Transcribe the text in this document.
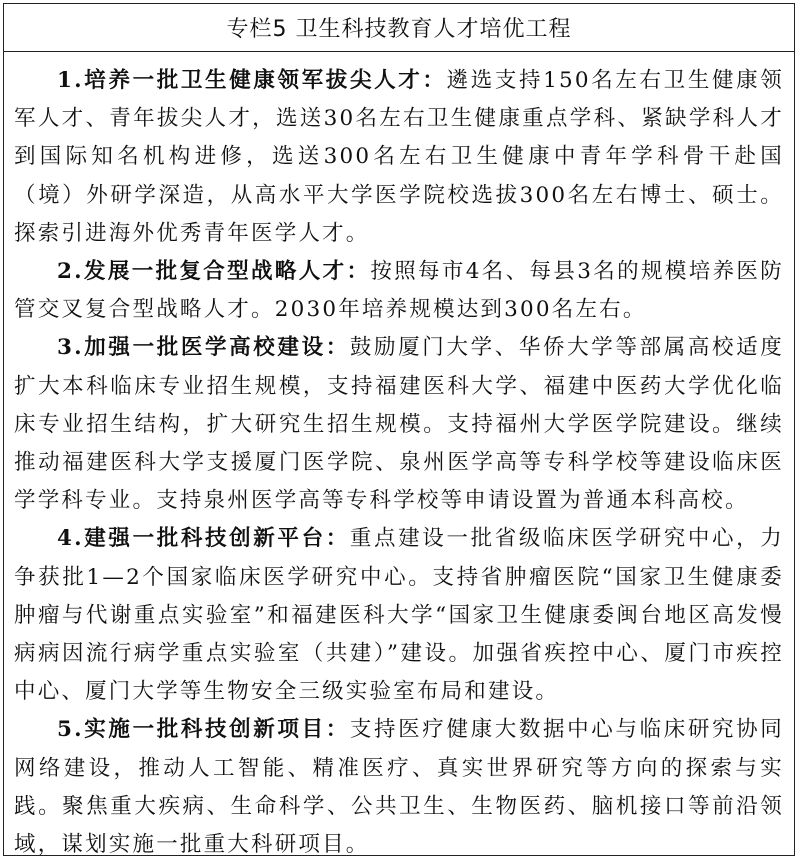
专栏5 卫生科技教育人才培优工程

1.培养一批卫生健康领军拔尖人才：遴选支持150名左右卫生健康领军人才、青年拔尖人才，选送30名左右卫生健康重点学科、紧缺学科人才到国际知名机构进修，选送300名左右卫生健康中青年学科骨干赴国（境）外研学深造，从高水平大学医学院校选拔300名左右博士、硕士。探索引进海外优秀青年医学人才。

2.发展一批复合型战略人才：按照每市4名、每县3名的规模培养医防管交叉复合型战略人才。2030年培养规模达到300名左右。

3.加强一批医学高校建设：鼓励厦门大学、华侨大学等部属高校适度扩大本科临床专业招生规模，支持福建医科大学、福建中医药大学优化临床专业招生结构，扩大研究生招生规模。支持福州大学医学院建设。继续推动福建医科大学支援厦门医学院、泉州医学高等专科学校等建设临床医学学科专业。支持泉州医学高等专科学校等申请设置为普通本科高校。

4.建强一批科技创新平台：重点建设一批省级临床医学研究中心，力争获批1—2个国家临床医学研究中心。支持省肿瘤医院“国家卫生健康委肿瘤与代谢重点实验室”和福建医科大学“国家卫生健康委闽台地区高发慢病病因流行病学重点实验室（共建）”建设。加强省疾控中心、厦门市疾控中心、厦门大学等生物安全三级实验室布局和建设。

5.实施一批科技创新项目：支持医疗健康大数据中心与临床研究协同网络建设，推动人工智能、精准医疗、真实世界研究等方向的探索与实践。聚焦重大疾病、生命科学、公共卫生、生物医药、脑机接口等前沿领域，谋划实施一批重大科研项目。
